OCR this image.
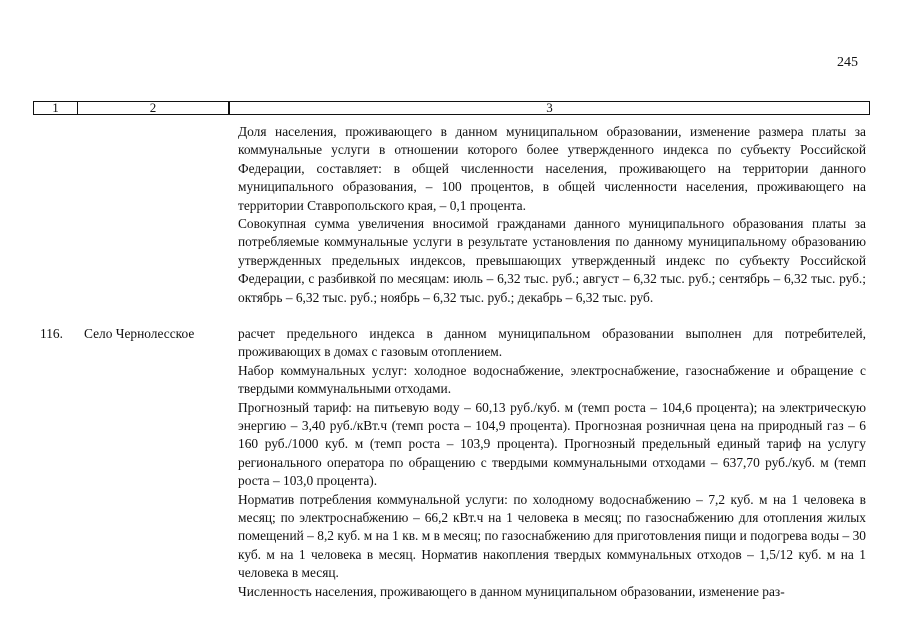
245
1	2	3

Доля населения, проживающего в данном муниципальном образовании, изменение размера платы за коммунальные услуги в отношении которого более утвержденного индекса по субъекту Российской Федерации, составляет: в общей численности населения, проживающего на территории данного муниципального образования, – 100 процентов, в общей численности населения, проживающего на территории Ставропольского края, – 0,1 процента.

Совокупная сумма увеличения вносимой гражданами данного муниципального образования платы за потребляемые коммунальные услуги в результате установления по данному муниципальному образованию утвержденных предельных индексов, превышающих утвержденный индекс по субъекту Российской Федерации, с разбивкой по месяцам: июль – 6,32 тыс. руб.; август – 6,32 тыс. руб.; сентябрь – 6,32 тыс. руб.; октябрь – 6,32 тыс. руб.; ноябрь – 6,32 тыс. руб.; декабрь – 6,32 тыс. руб.

116. Село Чернолесское	расчет предельного индекса в данном муниципальном образовании выполнен для потребителей, проживающих в домах с газовым отоплением.

Набор коммунальных услуг: холодное водоснабжение, электроснабжение, газоснабжение и обращение с твердыми коммунальными отходами.

Прогнозный тариф: на питьевую воду – 60,13 руб./куб. м (темп роста – 104,6 процента); на электрическую энергию – 3,40 руб./кВт.ч (темп роста – 104,9 процента). Прогнозная розничная цена на природный газ – 6 160 руб./1000 куб. м (темп роста – 103,9 процента). Прогнозный предельный единый тариф на услугу регионального оператора по обращению с твердыми коммунальными отходами – 637,70 руб./куб. м (темп роста – 103,0 процента).

Норматив потребления коммунальной услуги: по холодному водоснабжению – 7,2 куб. м на 1 человека в месяц; по электроснабжению – 66,2 кВт.ч на 1 человека в месяц; по газоснабжению для отопления жилых помещений – 8,2 куб. м на 1 кв. м в месяц; по газоснабжению для приготовления пищи и подогрева воды – 30 куб. м на 1 человека в месяц. Норматив накопления твердых коммунальных отходов – 1,5/12 куб. м на 1 человека в месяц.

Численность населения, проживающего в данном муниципальном образовании, изменение раз-
